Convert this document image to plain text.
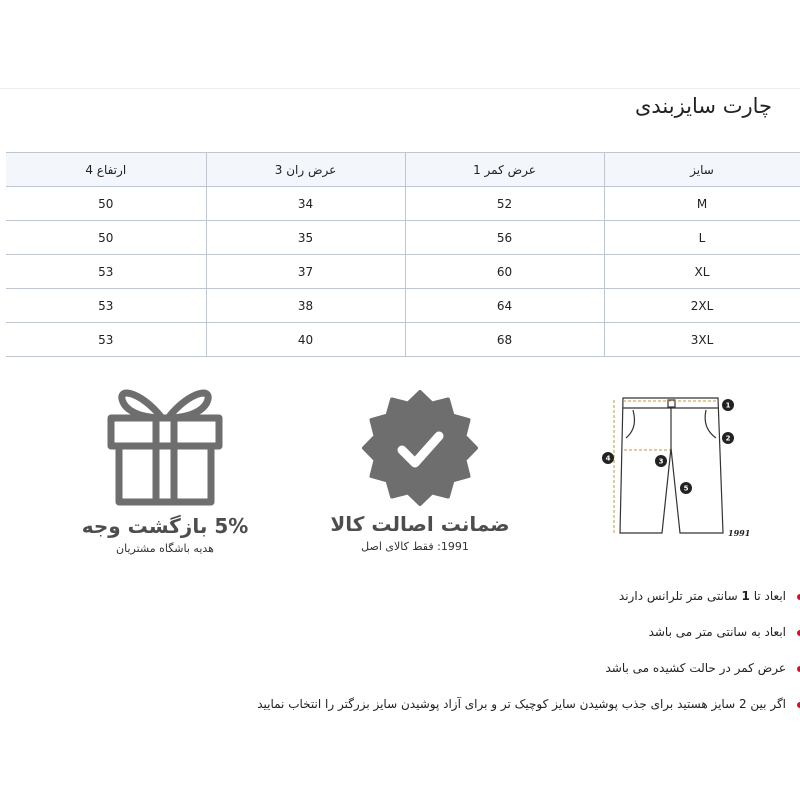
چارت سایزبندی
سایز	عرض کمر 1	عرض ران 3	ارتفاع 4
M	52	34	50
L	56	35	50
XL	60	37	53
2XL	64	38	53
3XL	68	40	53
5% بازگشت وجه
هدیه باشگاه مشتریان
ضمانت اصالت کالا
1991: فقط کالای اصل
1
2
3
4
5
1991
ابعاد تا 1 سانتی متر تلرانس دارند
ابعاد به سانتی متر می باشد
عرض کمر در حالت کشیده می باشد
اگر بین 2 سایز هستید برای جذب پوشیدن سایز کوچیک تر و برای آزاد پوشیدن سایز بزرگتر را انتخاب نمایید
